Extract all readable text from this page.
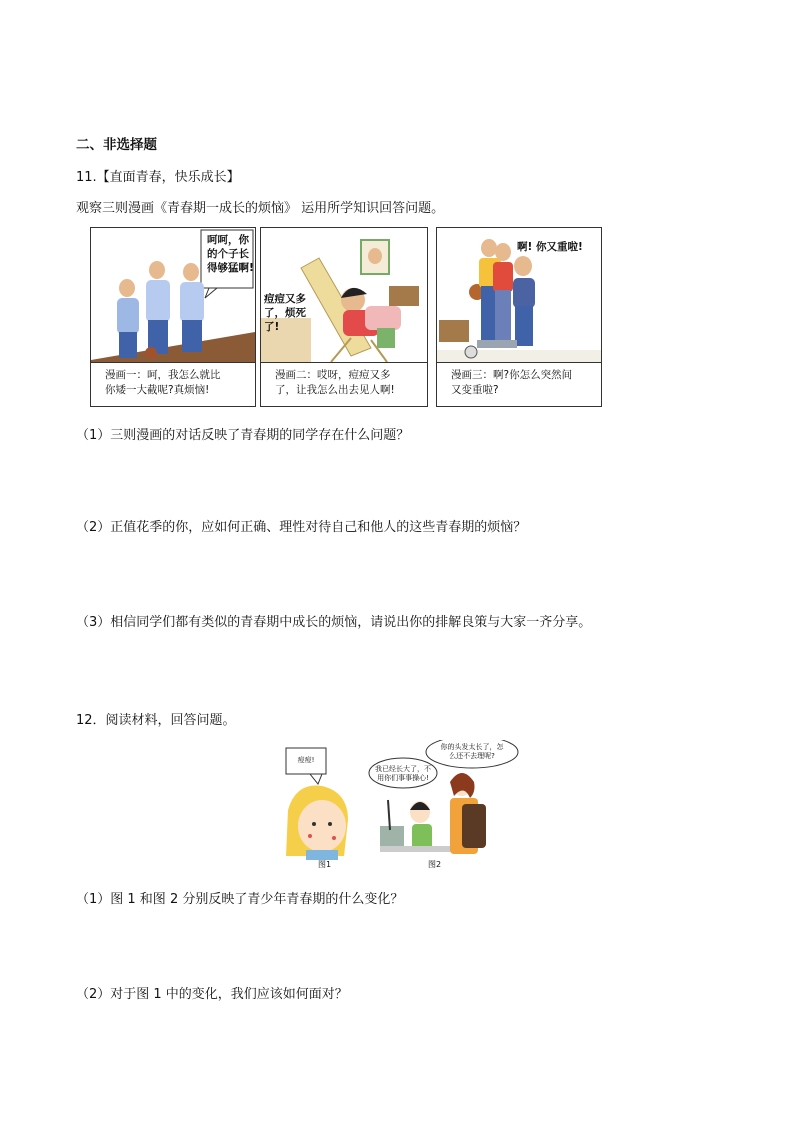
二、非选择题
11.【直面青春，快乐成长】
观察三则漫画《青春期一成长的烦恼》 运用所学知识回答问题。
呵呵，你
的个子长
得够猛啊!
漫画一：呵，我怎么就比
你矮一大截呢?真烦恼!
痘痘又多
了，烦死
了!
漫画二：哎呀，痘痘又多
了，让我怎么出去见人啊!
啊! 你又重啦!
漫画三：啊?你怎么突然间
又变重啦?
（1）三则漫画的对话反映了青春期的同学存在什么问题？
（2）正值花季的你，应如何正确、理性对待自己和他人的这些青春期的烦恼？
（3）相信同学们都有类似的青春期中成长的烦恼，请说出你的排解良策与大家一齐分享。
12．阅读材料，回答问题。
痘痘!
我已经长大了，不
用你们事事操心!
你的头发太长了，怎
么还不去理呢?
图1	图2
（1）图 1 和图 2 分别反映了青少年青春期的什么变化？
（2）对于图 1 中的变化，我们应该如何面对？
